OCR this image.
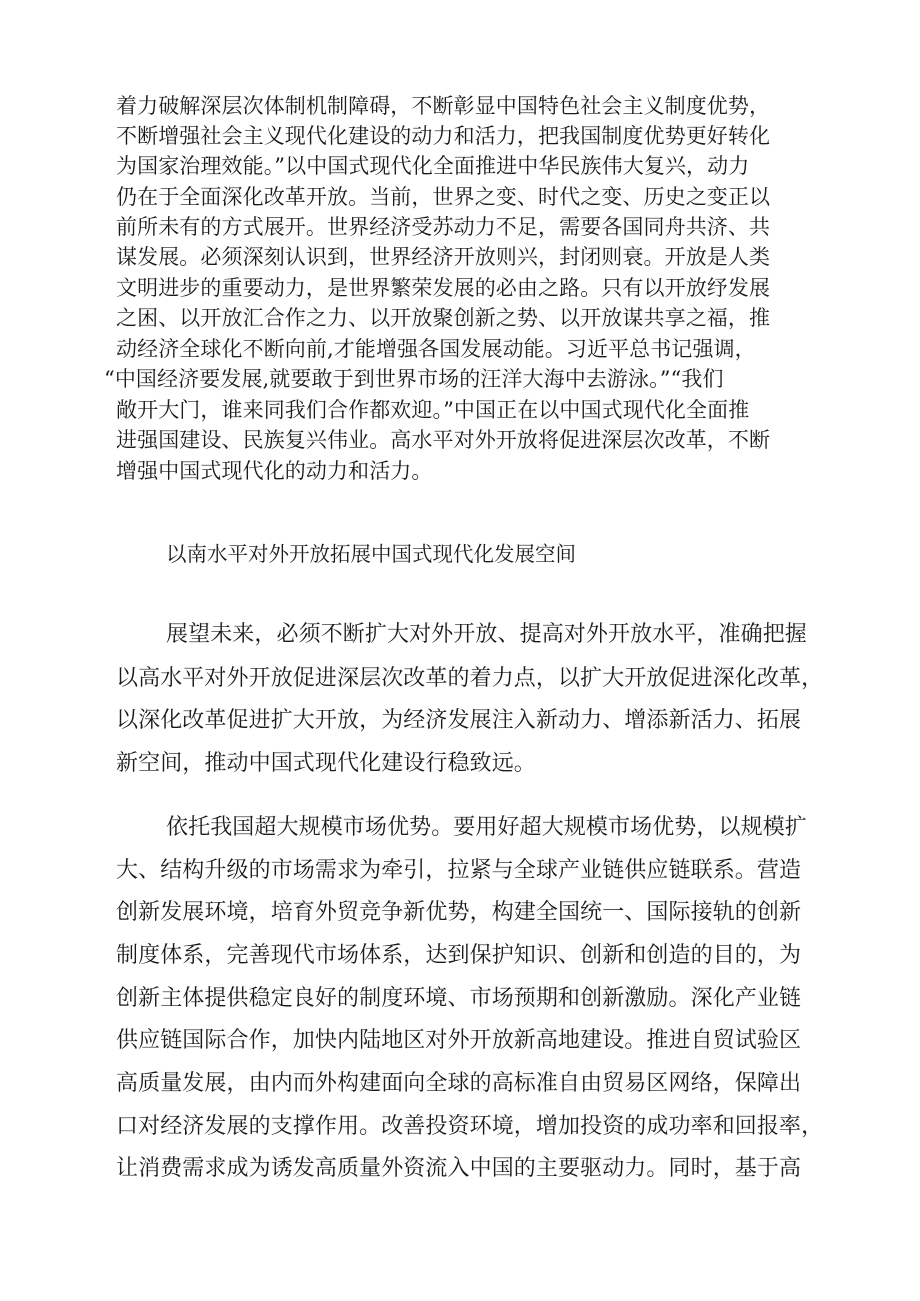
着力破解深层次体制机制障碍，不断彰显中国特色社会主义制度优势，
不断增强社会主义现代化建设的动力和活力，把我国制度优势更好转化
为国家治理效能。”以中国式现代化全面推进中华民族伟大复兴，动力
仍在于全面深化改革开放。当前，世界之变、时代之变、历史之变正以
前所未有的方式展开。世界经济受苏动力不足，需要各国同舟共济、共
谋发展。必须深刻认识到，世界经济开放则兴，封闭则衰。开放是人类
文明进步的重要动力，是世界繁荣发展的必由之路。只有以开放纾发展
之困、以开放汇合作之力、以开放聚创新之势、以开放谋共享之福，推
动经济全球化不断向前,才能增强各国发展动能。习近平总书记强调，
“中国经济要发展,就要敢于到世界市场的汪洋大海中去游泳。”“我们
敞开大门，谁来同我们合作都欢迎。”中国正在以中国式现代化全面推
进强国建设、民族复兴伟业。高水平对外开放将促进深层次改革，不断
增强中国式现代化的动力和活力。
以南水平对外开放拓展中国式现代化发展空间
展望未来，必须不断扩大对外开放、提高对外开放水平，准确把握
以高水平对外开放促进深层次改革的着力点，以扩大开放促进深化改革，
以深化改革促进扩大开放，为经济发展注入新动力、增添新活力、拓展
新空间，推动中国式现代化建设行稳致远。
依托我国超大规模市场优势。要用好超大规模市场优势，以规模扩
大、结构升级的市场需求为牵引，拉紧与全球产业链供应链联系。营造
创新发展环境，培育外贸竞争新优势，构建全国统一、国际接轨的创新
制度体系，完善现代市场体系，达到保护知识、创新和创造的目的，为
创新主体提供稳定良好的制度环境、市场预期和创新激励。深化产业链
供应链国际合作，加快内陆地区对外开放新高地建设。推进自贸试验区
高质量发展，由内而外构建面向全球的高标准自由贸易区网络，保障出
口对经济发展的支撑作用。改善投资环境，增加投资的成功率和回报率，
让消费需求成为诱发高质量外资流入中国的主要驱动力。同时，基于高
